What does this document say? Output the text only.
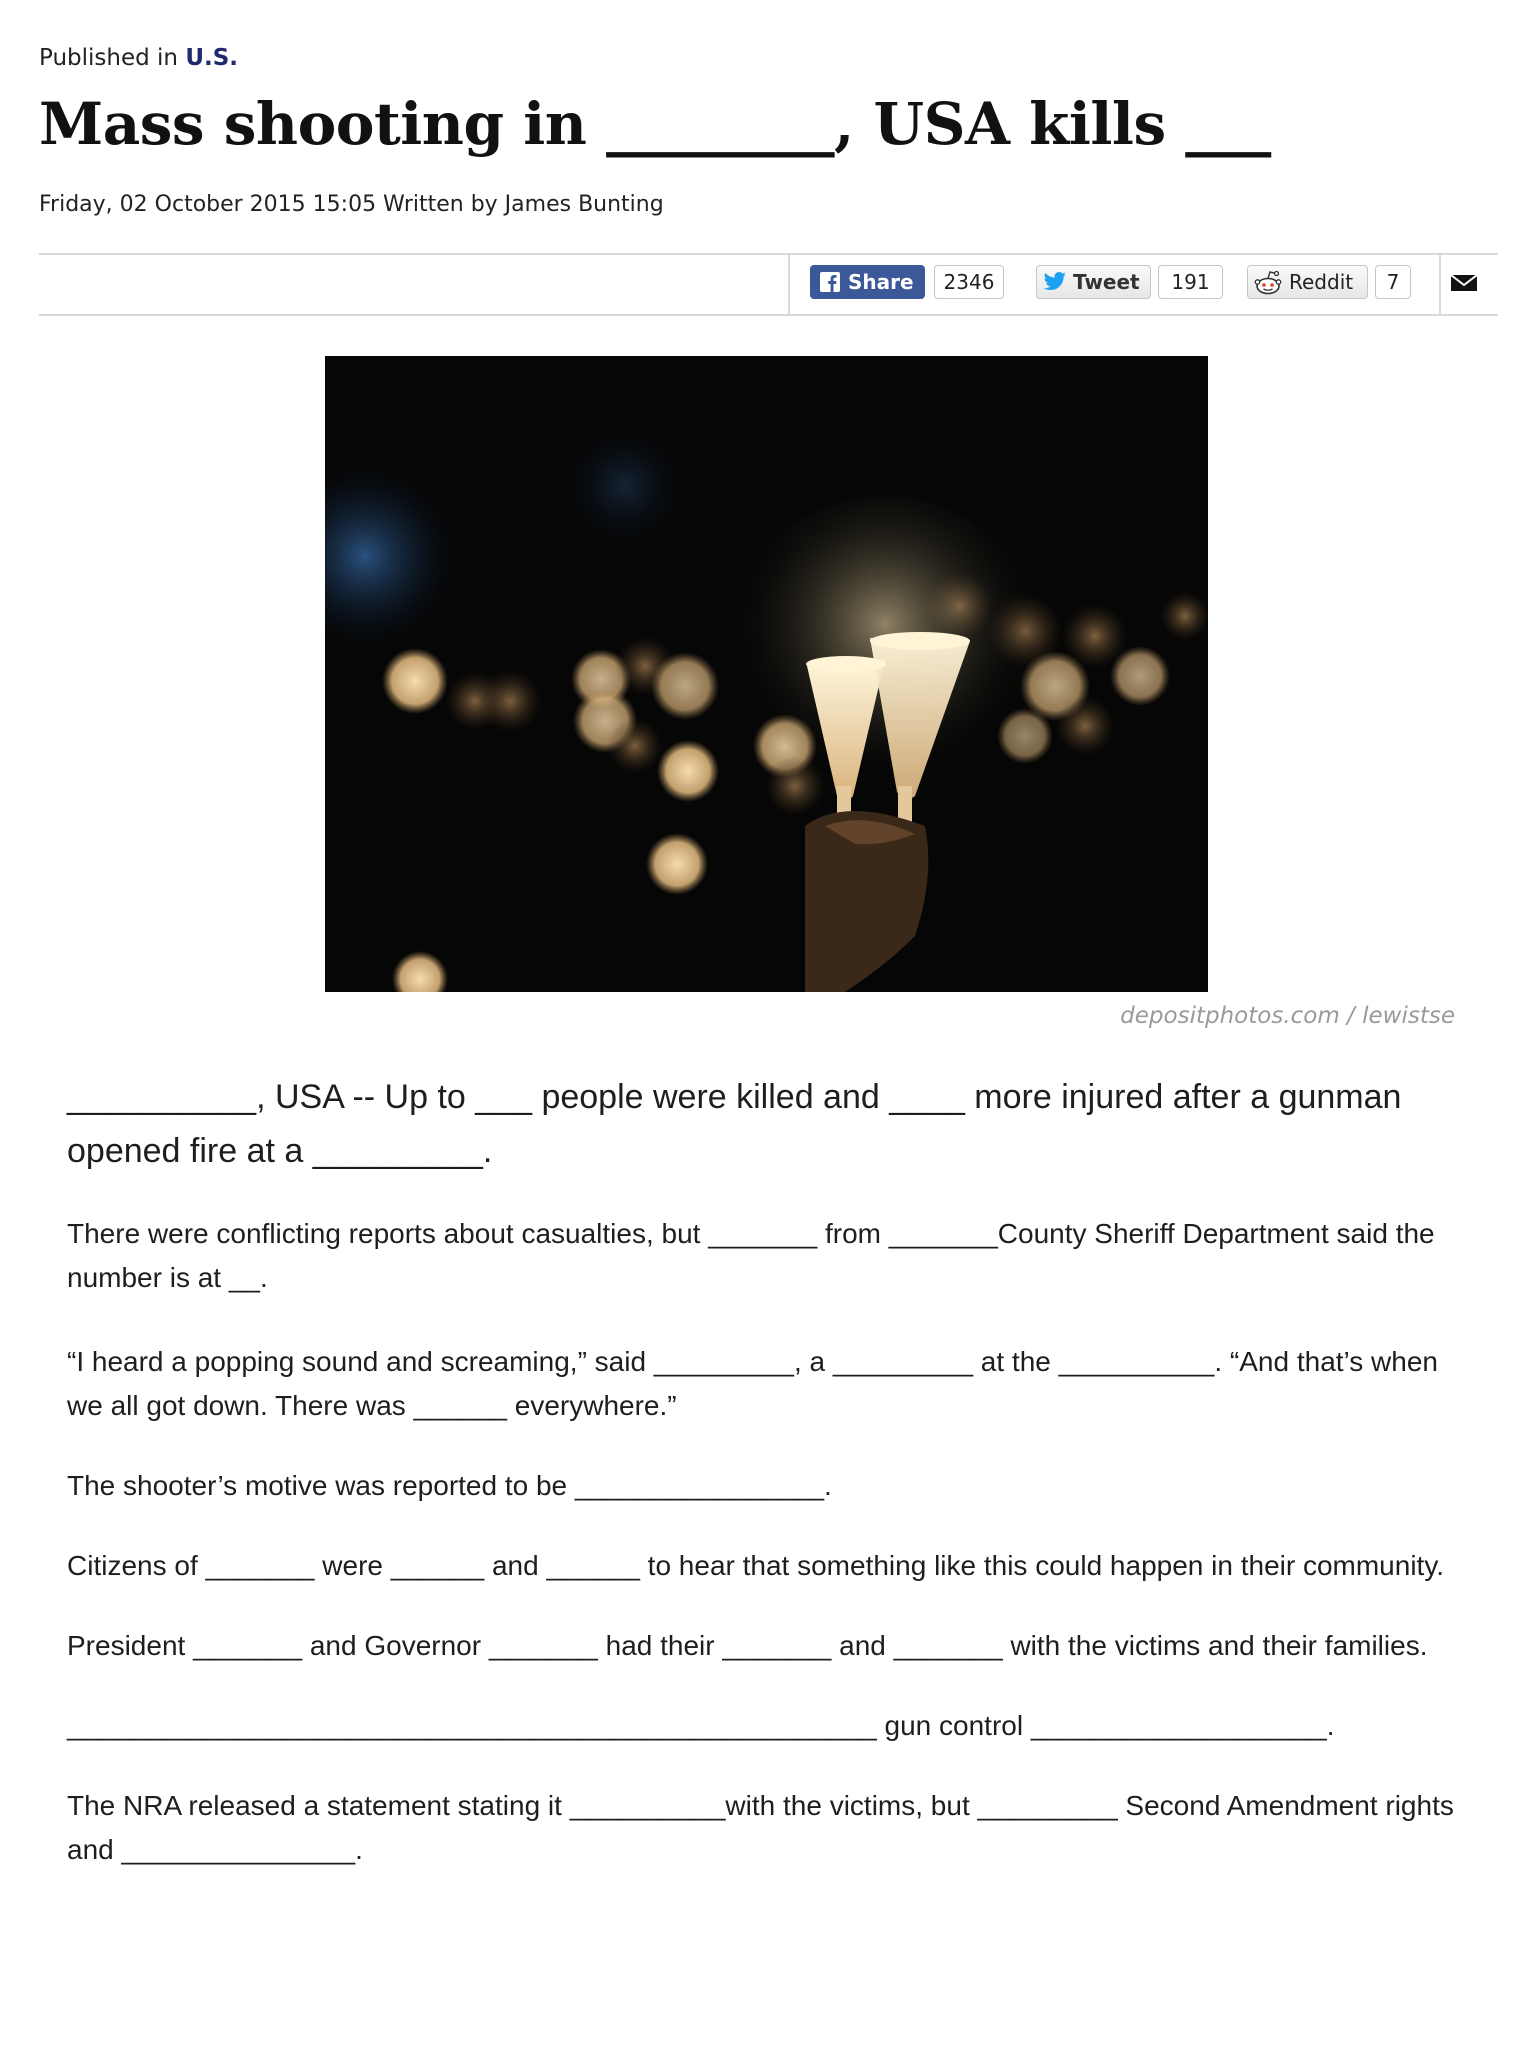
Published in U.S.
Mass shooting in ________, USA kills ___
Friday, 02 October 2015 15:05 Written by James Bunting
Share	2346	Tweet	191	Reddit	7
depositphotos.com / lewistse

__________, USA -- Up to ___ people were killed and ____ more injured after a gunman opened fire at a _________.

There were conflicting reports about casualties, but _______ from _______County Sheriff Department said the number is at __.

“I heard a popping sound and screaming,” said _________, a _________ at the __________. “And that’s when we all got down. There was ______ everywhere.”

The shooter’s motive was reported to be ________________.

Citizens of _______ were ______ and ______ to hear that something like this could happen in their community.

President _______ and Governor _______ had their _______ and _______ with the victims and their families.

____________________________________________________ gun control ___________________.

The NRA released a statement stating it __________with the victims, but _________ Second Amendment rights and _______________.
